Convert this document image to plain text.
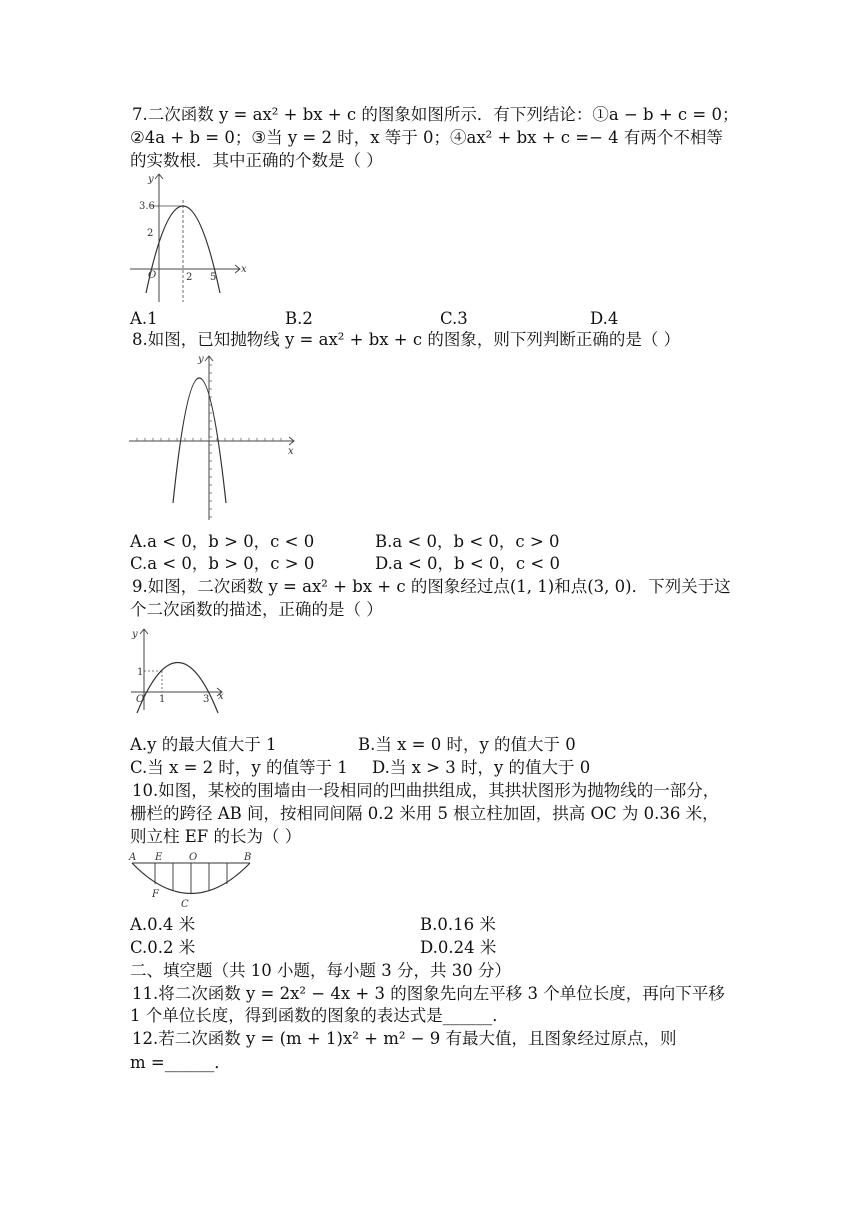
7.二次函数 y = ax² + bx + c 的图象如图所示．有下列结论：①a − b + c = 0；
②4a + b = 0；③当 y = 2 时，x 等于 0；④ax² + bx + c =− 4 有两个不相等
的实数根．其中正确的个数是（ ）
y
x
O
3.6
2
2 5
A.1	B.2	C.3	D.4
8.如图，已知抛物线 y = ax² + bx + c 的图象，则下列判断正确的是（ ）
y
x
A.a < 0，b > 0，c < 0	B.a < 0，b < 0，c > 0
C.a < 0，b > 0，c > 0	D.a < 0，b < 0，c < 0
9.如图，二次函数 y = ax² + bx + c 的图象经过点(1, 1)和点(3, 0)．下列关于这
个二次函数的描述，正确的是（ ）
y
x
O
1
1	3
A.y 的最大值大于 1	B.当 x = 0 时，y 的值大于 0
C.当 x = 2 时，y 的值等于 1 D.当 x > 3 时，y 的值大于 0
10.如图，某校的围墙由一段相同的凹曲拱组成，其拱状图形为抛物线的一部分，
栅栏的跨径 AB 间，按相同间隔 0.2 米用 5 根立柱加固，拱高 OC 为 0.36 米，
则立柱 EF 的长为（ ）
A E	O	B
F
C
A.0.4 米	B.0.16 米
C.0.2 米	D.0.24 米
二、填空题（共 10 小题，每小题 3 分，共 30 分）
11.将二次函数 y = 2x² − 4x + 3 的图象先向左平移 3 个单位长度，再向下平移
1 个单位长度，得到函数的图象的表达式是______．
12.若二次函数 y = (m + 1)x² + m² − 9 有最大值，且图象经过原点，则
m =______．
